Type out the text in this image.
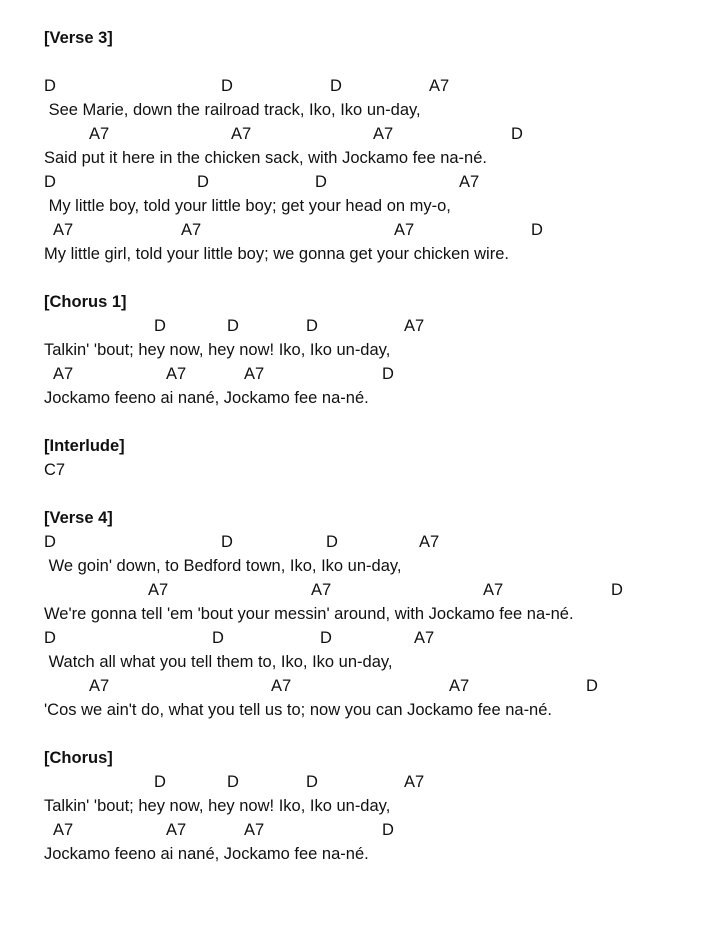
[Verse 3]
D	D	D	A7
See Marie, down the railroad track, Iko, Iko un-day,
A7	A7	A7	D
Said put it here in the chicken sack, with Jockamo fee na-né.
D	D	D	A7
My little boy, told your little boy; get your head on my-o,
A7	A7	A7	D
My little girl, told your little boy; we gonna get your chicken wire.
[Chorus 1]
D	D	D	A7
Talkin' 'bout; hey now, hey now! Iko, Iko un-day,
A7	A7	A7	D
Jockamo feeno ai nané, Jockamo fee na-né.
[Interlude]
C7
[Verse 4]
D	D	D	A7
We goin' down, to Bedford town, Iko, Iko un-day,
A7	A7	A7	D
We're gonna tell 'em 'bout your messin' around, with Jockamo fee na-né.
D	D	D	A7
Watch all what you tell them to, Iko, Iko un-day,
A7	A7	A7	D
'Cos we ain't do, what you tell us to; now you can Jockamo fee na-né.
[Chorus]
D	D	D	A7
Talkin' 'bout; hey now, hey now! Iko, Iko un-day,
A7	A7	A7	D
Jockamo feeno ai nané, Jockamo fee na-né.
